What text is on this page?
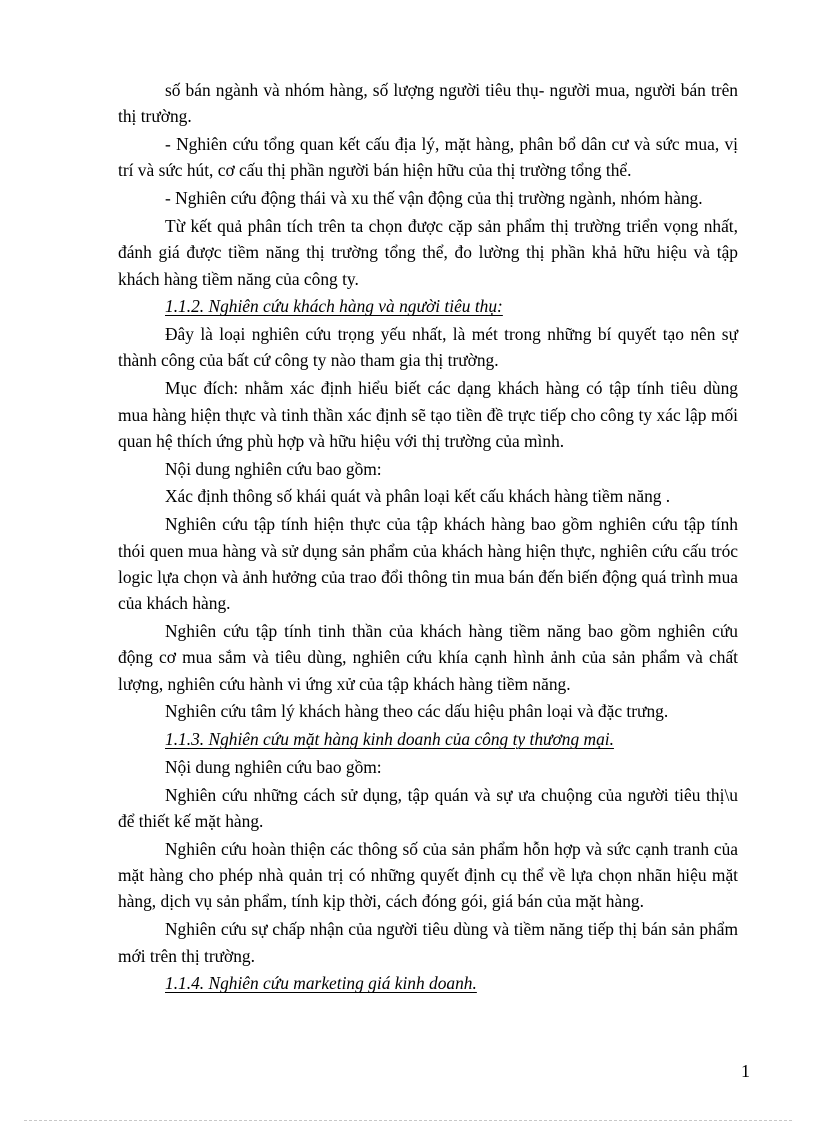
số bán ngành và nhóm hàng, số lượng người tiêu thụ- người mua, người bán trên thị trường.

- Nghiên cứu tổng quan kết cấu địa lý, mặt hàng, phân bổ dân cư và sức mua, vị trí và sức hút, cơ cấu thị phần người bán hiện hữu của thị trường tổng thể.

- Nghiên cứu động thái và xu thế vận động của thị trường ngành, nhóm hàng.

Từ kết quả phân tích trên ta chọn được cặp sản phẩm thị trường triển vọng nhất, đánh giá được tiềm năng thị trường tổng thể, đo lường thị phần khả hữu hiệu và tập khách hàng tiềm năng của công ty.

1.1.2. Nghiên cứu khách hàng và người tiêu thụ:

Đây là loại nghiên cứu trọng yếu nhất, là mét trong những bí quyết tạo nên sự thành công của bất cứ công ty nào tham gia thị trường.

Mục đích: nhằm xác định hiểu biết các dạng khách hàng có tập tính tiêu dùng mua hàng hiện thực và tinh thần xác định sẽ tạo tiền đề trực tiếp cho công ty xác lập mối quan hệ thích ứng phù hợp và hữu hiệu với thị trường của mình.

Nội dung nghiên cứu bao gồm:

Xác định thông số khái quát và phân loại kết cấu khách hàng tiềm năng .

Nghiên cứu tập tính hiện thực của tập khách hàng bao gồm nghiên cứu tập tính thói quen mua hàng và sử dụng sản phẩm của khách hàng hiện thực, nghiên cứu cấu tróc logic lựa chọn và ảnh hưởng của trao đổi thông tin mua bán đến biến động quá trình mua của khách hàng.

Nghiên cứu tập tính tinh thần của khách hàng tiềm năng bao gồm nghiên cứu động cơ mua sắm và tiêu dùng, nghiên cứu khía cạnh hình ảnh của sản phẩm và chất lượng, nghiên cứu hành vi ứng xử của tập khách hàng tiềm năng.

Nghiên cứu tâm lý khách hàng theo các dấu hiệu phân loại và đặc trưng.

1.1.3. Nghiên cứu mặt hàng kinh doanh của công ty thương mại.

Nội dung nghiên cứu bao gồm:

Nghiên cứu những cách sử dụng, tập quán và sự ưa chuộng của người tiêu thị\u để thiết kế mặt hàng.

Nghiên cứu hoàn thiện các thông số của sản phẩm hỗn hợp và sức cạnh tranh của mặt hàng cho phép nhà quản trị có những quyết định cụ thể về lựa chọn nhãn hiệu mặt hàng, dịch vụ sản phẩm, tính kịp thời, cách đóng gói, giá bán của mặt hàng.

Nghiên cứu sự chấp nhận của người tiêu dùng và tiềm năng tiếp thị bán sản phẩm mới trên thị trường.

1.1.4. Nghiên cứu marketing giá kinh doanh.

1
